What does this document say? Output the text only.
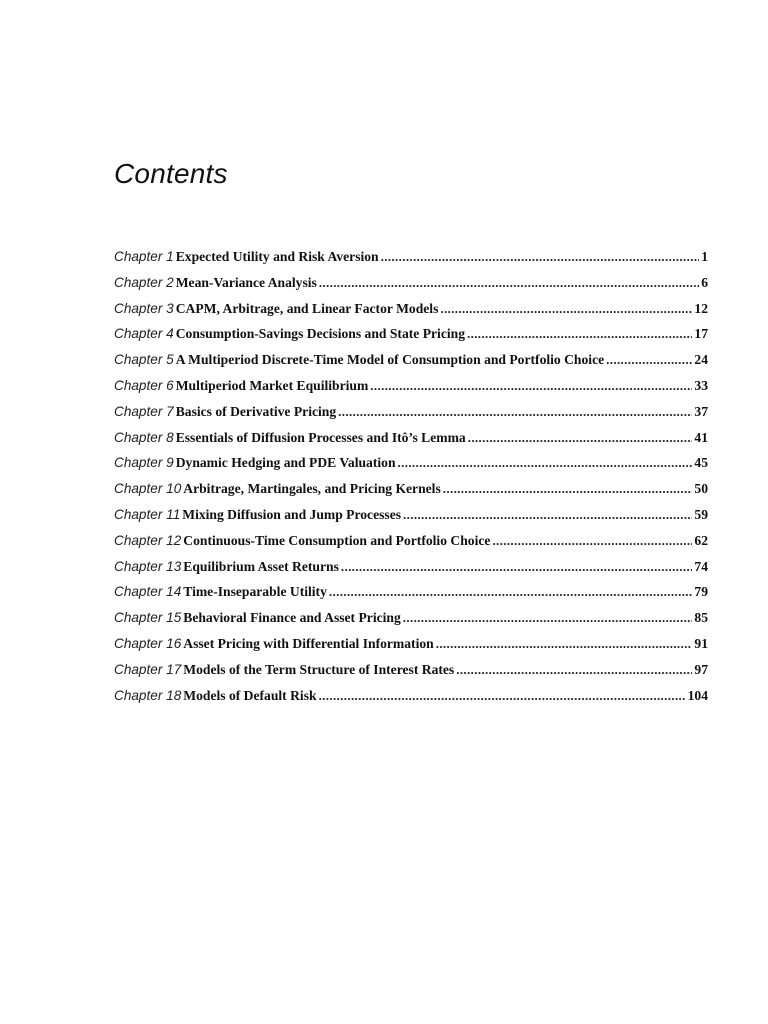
Contents
Chapter 1 Expected Utility and Risk Aversion .....	1
Chapter 2 Mean-Variance Analysis .....	6
Chapter 3 CAPM, Arbitrage, and Linear Factor Models .....	12
Chapter 4 Consumption-Savings Decisions and State Pricing .....	17
Chapter 5 A Multiperiod Discrete-Time Model of Consumption and Portfolio Choice .....	24
Chapter 6 Multiperiod Market Equilibrium .....	33
Chapter 7 Basics of Derivative Pricing .....	37
Chapter 8 Essentials of Diffusion Processes and Itô’s Lemma .....	41
Chapter 9 Dynamic Hedging and PDE Valuation .....	45
Chapter 10 Arbitrage, Martingales, and Pricing Kernels .....	50
Chapter 11 Mixing Diffusion and Jump Processes .....	59
Chapter 12 Continuous-Time Consumption and Portfolio Choice .....	62
Chapter 13 Equilibrium Asset Returns .....	74
Chapter 14 Time-Inseparable Utility .....	79
Chapter 15 Behavioral Finance and Asset Pricing .....	85
Chapter 16 Asset Pricing with Differential Information .....	91
Chapter 17 Models of the Term Structure of Interest Rates .....	97
Chapter 18 Models of Default Risk .....	104
